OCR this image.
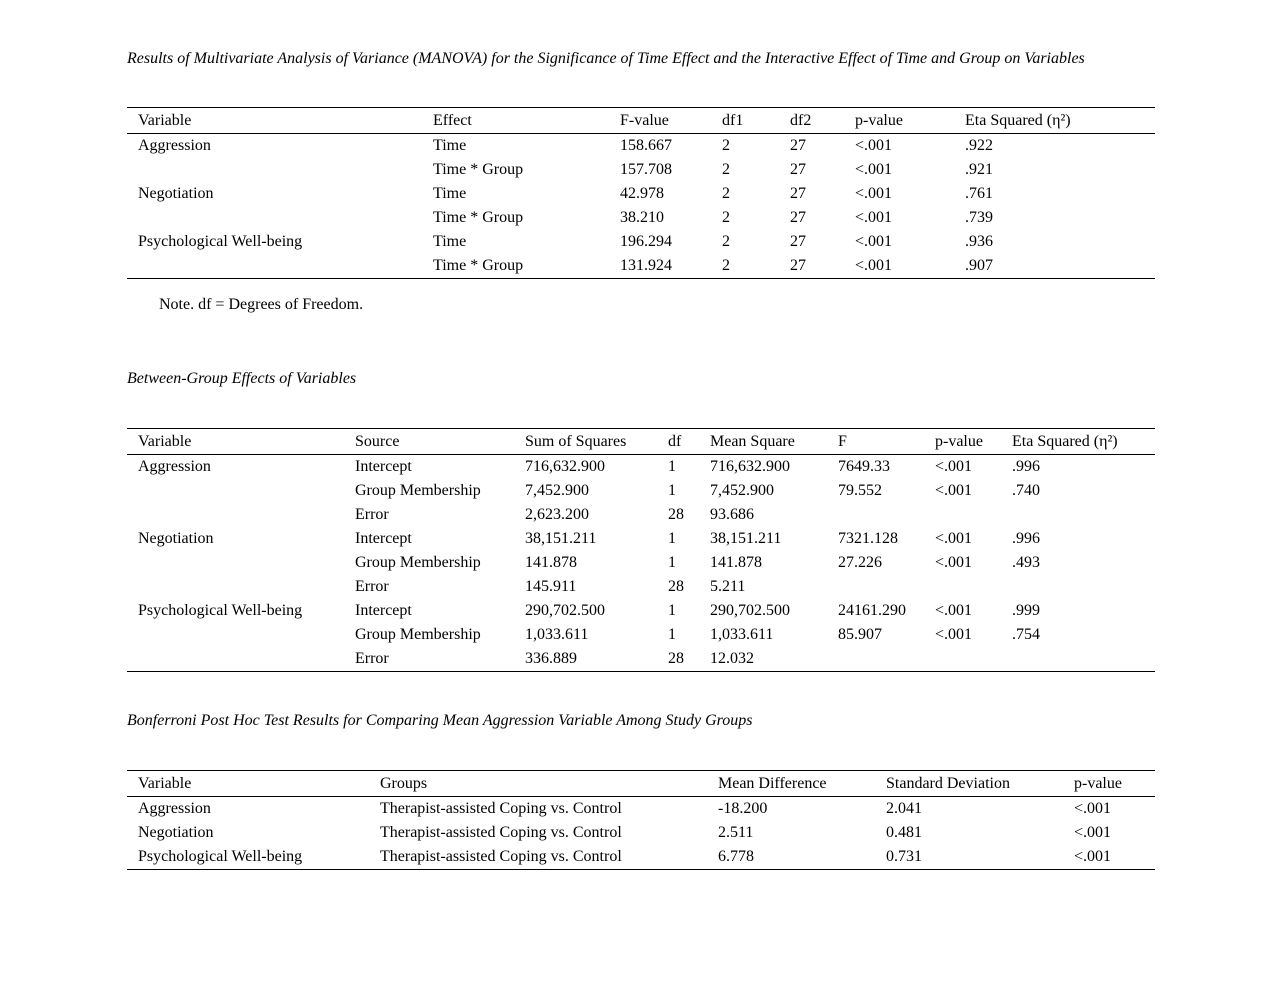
Results of Multivariate Analysis of Variance (MANOVA) for the Significance of Time Effect and the Interactive Effect of Time and Group on Variables

Variable	Effect	F-value	df1	df2	p-value	Eta Squared (η²)
Aggression	Time	158.667	2	27	<.001	.922
	Time * Group	157.708	2	27	<.001	.921
Negotiation	Time	42.978	2	27	<.001	.761
	Time * Group	38.210	2	27	<.001	.739
Psychological Well-being	Time	196.294	2	27	<.001	.936
	Time * Group	131.924	2	27	<.001	.907

Note. df = Degrees of Freedom.

Between-Group Effects of Variables

Variable	Source	Sum of Squares	df	Mean Square	F	p-value	Eta Squared (η²)
Aggression	Intercept	716,632.900	1	716,632.900	7649.33	<.001	.996
	Group Membership	7,452.900	1	7,452.900	79.552	<.001	.740
	Error	2,623.200	28	93.686			
Negotiation	Intercept	38,151.211	1	38,151.211	7321.128	<.001	.996
	Group Membership	141.878	1	141.878	27.226	<.001	.493
	Error	145.911	28	5.211			
Psychological Well-being	Intercept	290,702.500	1	290,702.500	24161.290	<.001	.999
	Group Membership	1,033.611	1	1,033.611	85.907	<.001	.754
	Error	336.889	28	12.032			

Bonferroni Post Hoc Test Results for Comparing Mean Aggression Variable Among Study Groups

Variable	Groups	Mean Difference	Standard Deviation	p-value
Aggression	Therapist-assisted Coping vs. Control	-18.200	2.041	<.001
Negotiation	Therapist-assisted Coping vs. Control	2.511	0.481	<.001
Psychological Well-being	Therapist-assisted Coping vs. Control	6.778	0.731	<.001
